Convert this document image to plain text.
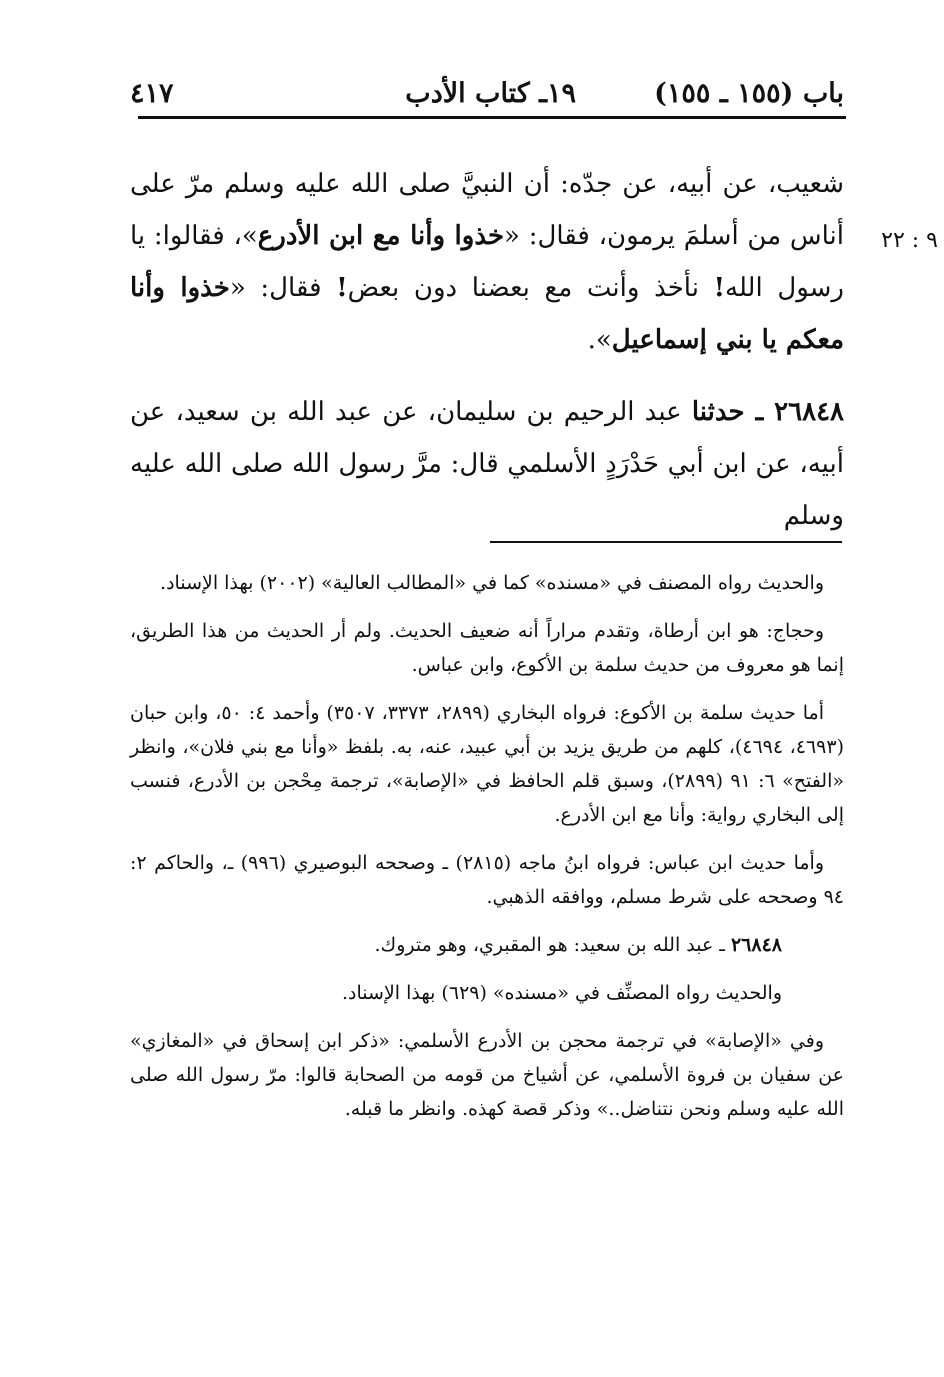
باب (١٥٥ ـ ١٥٥)
١٩ـ كتاب الأدب
٤١٧
٩ : ٢٢

شعيب، عن أبيه، عن جدّه: أن النبيَّ صلى الله عليه وسلم مرّ على أناس من أسلمَ يرمون، فقال: «خذوا وأنا مع ابن الأدرع»، فقالوا: يا رسول الله! نأخذ وأنت مع بعضنا دون بعض! فقال: «خذوا وأنا معكم يا بني إسماعيل».

٢٦٨٤٨ ـ حدثنا عبد الرحيم بن سليمان، عن عبد الله بن سعيد، عن أبيه، عن ابن أبي حَدْرَدٍ الأسلمي قال: مرَّ رسول الله صلى الله عليه وسلم

والحديث رواه المصنف في «مسنده» كما في «المطالب العالية» (٢٠٠٢) بهذا الإسناد.

وحجاج: هو ابن أرطاة، وتقدم مراراً أنه ضعيف الحديث. ولم أر الحديث من هذا الطريق، إنما هو معروف من حديث سلمة بن الأكوع، وابن عباس.

أما حديث سلمة بن الأكوع: فرواه البخاري (٢٨٩٩، ٣٣٧٣، ٣٥٠٧) وأحمد ٤: ٥٠، وابن حبان (٤٦٩٣، ٤٦٩٤)، كلهم من طريق يزيد بن أبي عبيد، عنه، به. بلفظ «وأنا مع بني فلان»، وانظر «الفتح» ٦: ٩١ (٢٨٩٩)، وسبق قلم الحافظ في «الإصابة»، ترجمة مِحْجن بن الأدرع، فنسب إلى البخاري رواية: وأنا مع ابن الأدرع.

وأما حديث ابن عباس: فرواه ابنُ ماجه (٢٨١٥) ـ وصححه البوصيري (٩٩٦) ـ، والحاكم ٢: ٩٤ وصححه على شرط مسلم، ووافقه الذهبي.

٢٦٨٤٨ ـ عبد الله بن سعيد: هو المقبري، وهو متروك.

والحديث رواه المصنِّف في «مسنده» (٦٢٩) بهذا الإسناد.

وفي «الإصابة» في ترجمة محجن بن الأدرع الأسلمي: «ذكر ابن إسحاق في «المغازي» عن سفيان بن فروة الأسلمي، عن أشياخ من قومه من الصحابة قالوا: مرّ رسول الله صلى الله عليه وسلم ونحن نتناضل..» وذكر قصة كهذه. وانظر ما قبله.
